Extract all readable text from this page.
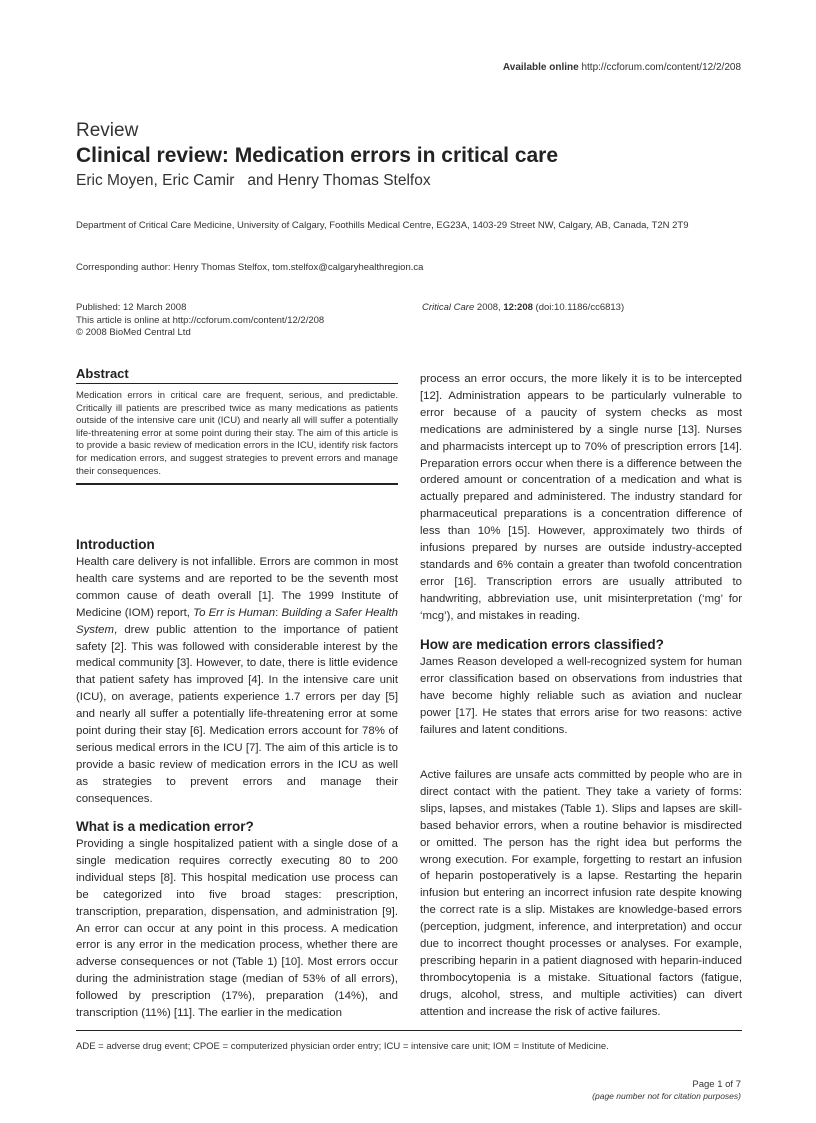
Available online http://ccforum.com/content/12/2/208
Review
Clinical review: Medication errors in critical care
Eric Moyen, Eric Camir   and Henry Thomas Stelfox
Department of Critical Care Medicine, University of Calgary, Foothills Medical Centre, EG23A, 1403-29 Street NW, Calgary, AB, Canada, T2N 2T9
Corresponding author: Henry Thomas Stelfox, tom.stelfox@calgaryhealthregion.ca
Published: 12 March 2008
This article is online at http://ccforum.com/content/12/2/208
© 2008 BioMed Central Ltd
Critical Care 2008, 12:208 (doi:10.1186/cc6813)
Abstract
Medication errors in critical care are frequent, serious, and predictable. Critically ill patients are prescribed twice as many medications as patients outside of the intensive care unit (ICU) and nearly all will suffer a potentially life-threatening error at some point during their stay. The aim of this article is to provide a basic review of medication errors in the ICU, identify risk factors for medication errors, and suggest strategies to prevent errors and manage their consequences.
Introduction

Health care delivery is not infallible. Errors are common in most health care systems and are reported to be the seventh most common cause of death overall [1]. The 1999 Institute of Medicine (IOM) report, To Err is Human: Building a Safer Health System, drew public attention to the importance of patient safety [2]. This was followed with considerable interest by the medical community [3]. However, to date, there is little evidence that patient safety has improved [4]. In the intensive care unit (ICU), on average, patients experience 1.7 errors per day [5] and nearly all suffer a potentially life-threatening error at some point during their stay [6]. Medication errors account for 78% of serious medical errors in the ICU [7]. The aim of this article is to provide a basic review of medication errors in the ICU as well as strategies to prevent errors and manage their consequences.

What is a medication error?

Providing a single hospitalized patient with a single dose of a single medication requires correctly executing 80 to 200 individual steps [8]. This hospital medication use process can be categorized into five broad stages: prescription, transcription, preparation, dispensation, and administration [9]. An error can occur at any point in this process. A medication error is any error in the medication process, whether there are adverse consequences or not (Table 1) [10]. Most errors occur during the administration stage (median of 53% of all errors), followed by prescription (17%), preparation (14%), and transcription (11%) [11]. The earlier in the medication

process an error occurs, the more likely it is to be intercepted [12]. Administration appears to be particularly vulnerable to error because of a paucity of system checks as most medications are administered by a single nurse [13]. Nurses and pharmacists intercept up to 70% of prescription errors [14]. Preparation errors occur when there is a difference between the ordered amount or concentration of a medication and what is actually prepared and administered. The industry standard for pharmaceutical preparations is a concentration difference of less than 10% [15]. However, approximately two thirds of infusions prepared by nurses are outside industry-accepted standards and 6% contain a greater than twofold concentration error [16]. Transcription errors are usually attributed to handwriting, abbreviation use, unit misinterpretation (‘mg’ for ‘mcg’), and mistakes in reading.

How are medication errors classified?

James Reason developed a well-recognized system for human error classification based on observations from industries that have become highly reliable such as aviation and nuclear power [17]. He states that errors arise for two reasons: active failures and latent conditions.

Active failures are unsafe acts committed by people who are in direct contact with the patient. They take a variety of forms: slips, lapses, and mistakes (Table 1). Slips and lapses are skill-based behavior errors, when a routine behavior is misdirected or omitted. The person has the right idea but performs the wrong execution. For example, forgetting to restart an infusion of heparin postoperatively is a lapse. Restarting the heparin infusion but entering an incorrect infusion rate despite knowing the correct rate is a slip. Mistakes are knowledge-based errors (perception, judgment, inference, and interpretation) and occur due to incorrect thought processes or analyses. For example, prescribing heparin in a patient diagnosed with heparin-induced thrombocytopenia is a mistake. Situational factors (fatigue, drugs, alcohol, stress, and multiple activities) can divert attention and increase the risk of active failures.

ADE = adverse drug event; CPOE = computerized physician order entry; ICU = intensive care unit; IOM = Institute of Medicine.
Page 1 of 7
(page number not for citation purposes)
